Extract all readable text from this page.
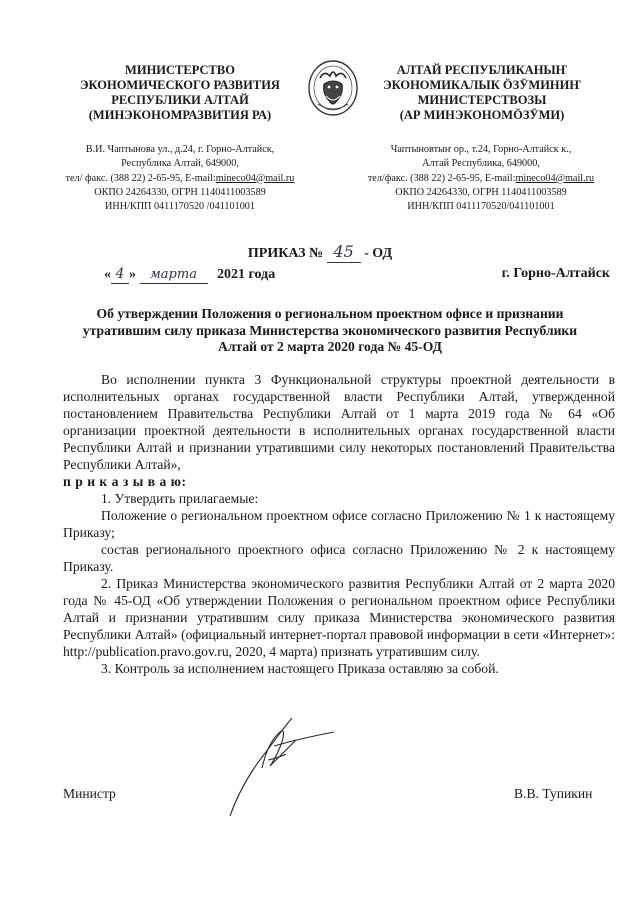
МИНИСТЕРСТВО
ЭКОНОМИЧЕСКОГО РАЗВИТИЯ
РЕСПУБЛИКИ АЛТАЙ
(МИНЭКОНОМРАЗВИТИЯ РА)
АЛТАЙ РЕСПУБЛИКАНЫҤ
ЭКОНОМИКАЛЫК ӦЗӰМИНИҤ
МИНИСТЕРСТВОЗЫ
(АР МИНЭКОНОМӦЗӰМИ)
В.И. Чаптынова ул., д.24, г. Горно-Алтайск,
Республика Алтай, 649000,
тел/ факс. (388 22) 2-65-95, E-mail:mineco04@mail.ru
ОКПО 24264330, ОГРН 1140411003589
ИНН/КПП 0411170520 /041101001
Чаптыновтыҥ ор., т.24, Горно-Алтайск к.,
Алтай Республика, 649000,
тел/факс. (388 22) 2-65-95, E-mail:mineco04@mail.ru
ОКПО 24264330, ОГРН 1140411003589
ИНН/КПП 0411170520/041101001
ПРИКАЗ № 45 - ОД
« 4 » марта 2021 года	г. Горно-Алтайск
Об утверждении Положения о региональном проектном офисе и признании утратившим силу приказа Министерства экономического развития Республики Алтай от 2 марта 2020 года № 45-ОД

Во исполнении пункта 3 Функциональной структуры проектной деятельности в исполнительных органах государственной власти Республики Алтай, утвержденной постановлением Правительства Республики Алтай от 1 марта 2019 года № 64 «Об организации проектной деятельности в исполнительных органах государственной власти Республики Алтай и признании утратившими силу некоторых постановлений Правительства Республики Алтай»,

п р и к а з ы в а ю:

1. Утвердить прилагаемые:

Положение о региональном проектном офисе согласно Приложению № 1 к настоящему Приказу;

состав регионального проектного офиса согласно Приложению № 2 к настоящему Приказу.

2. Приказ Министерства экономического развития Республики Алтай от 2 марта 2020 года № 45-ОД «Об утверждении Положения о региональном проектном офисе Республики Алтай и признании утратившим силу приказа Министерства экономического развития Республики Алтай» (официальный интернет-портал правовой информации в сети «Интернет»: http://publication.pravo.gov.ru, 2020, 4 марта) признать утратившим силу.

3. Контроль за исполнением настоящего Приказа оставляю за собой.

Министр	В.В. Тупикин
